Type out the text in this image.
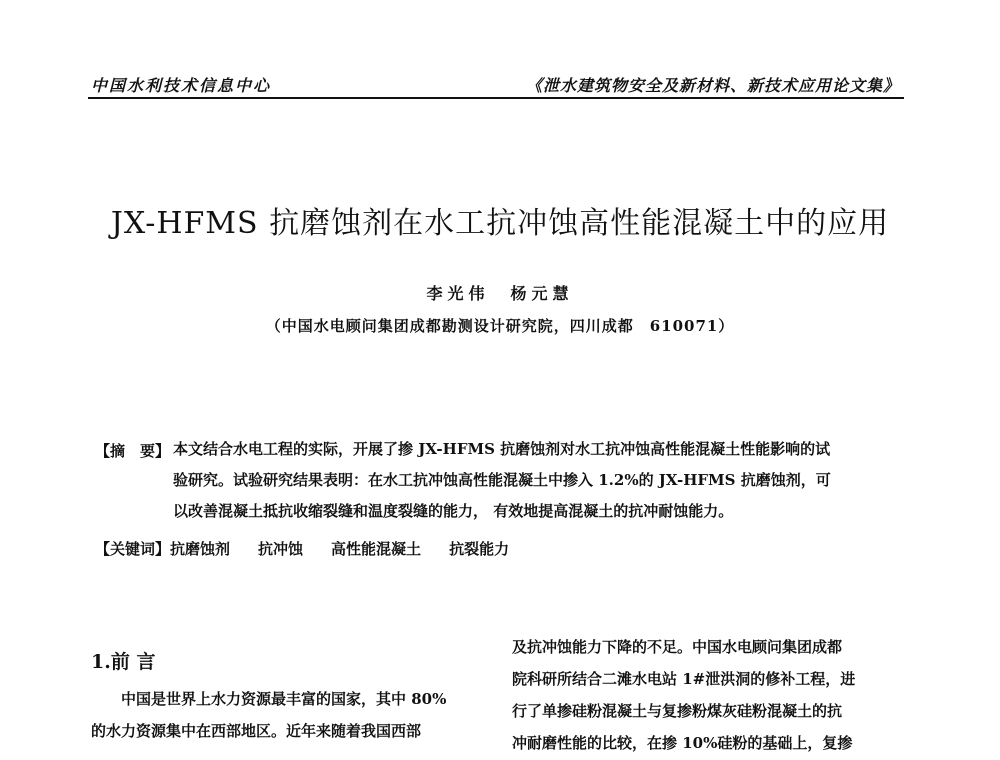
中国水利技术信息中心	《泄水建筑物安全及新材料、新技术应用论文集》
JX-HFMS 抗磨蚀剂在水工抗冲蚀高性能混凝土中的应用
李光伟　杨元慧
（中国水电顾问集团成都勘测设计研究院，四川成都　610071）
【摘　要】 本文结合水电工程的实际，开展了掺 JX-HFMS 抗磨蚀剂对水工抗冲蚀高性能混凝土性能影响的试
验研究。试验研究结果表明：在水工抗冲蚀高性能混凝土中掺入 1.2%的 JX-HFMS 抗磨蚀剂，可
以改善混凝土抵抗收缩裂缝和温度裂缝的能力， 有效地提高混凝土的抗冲耐蚀能力。
【关键词】抗磨蚀剂 抗冲蚀 高性能混凝土 抗裂能力
1.前 言
中国是世界上水力资源最丰富的国家，其中 80%
的水力资源集中在西部地区。近年来随着我国西部
及抗冲蚀能力下降的不足。中国水电顾问集团成都
院科研所结合二滩水电站 1#泄洪洞的修补工程，进
行了单掺硅粉混凝土与复掺粉煤灰硅粉混凝土的抗
冲耐磨性能的比较，在掺 10%硅粉的基础上，复掺
